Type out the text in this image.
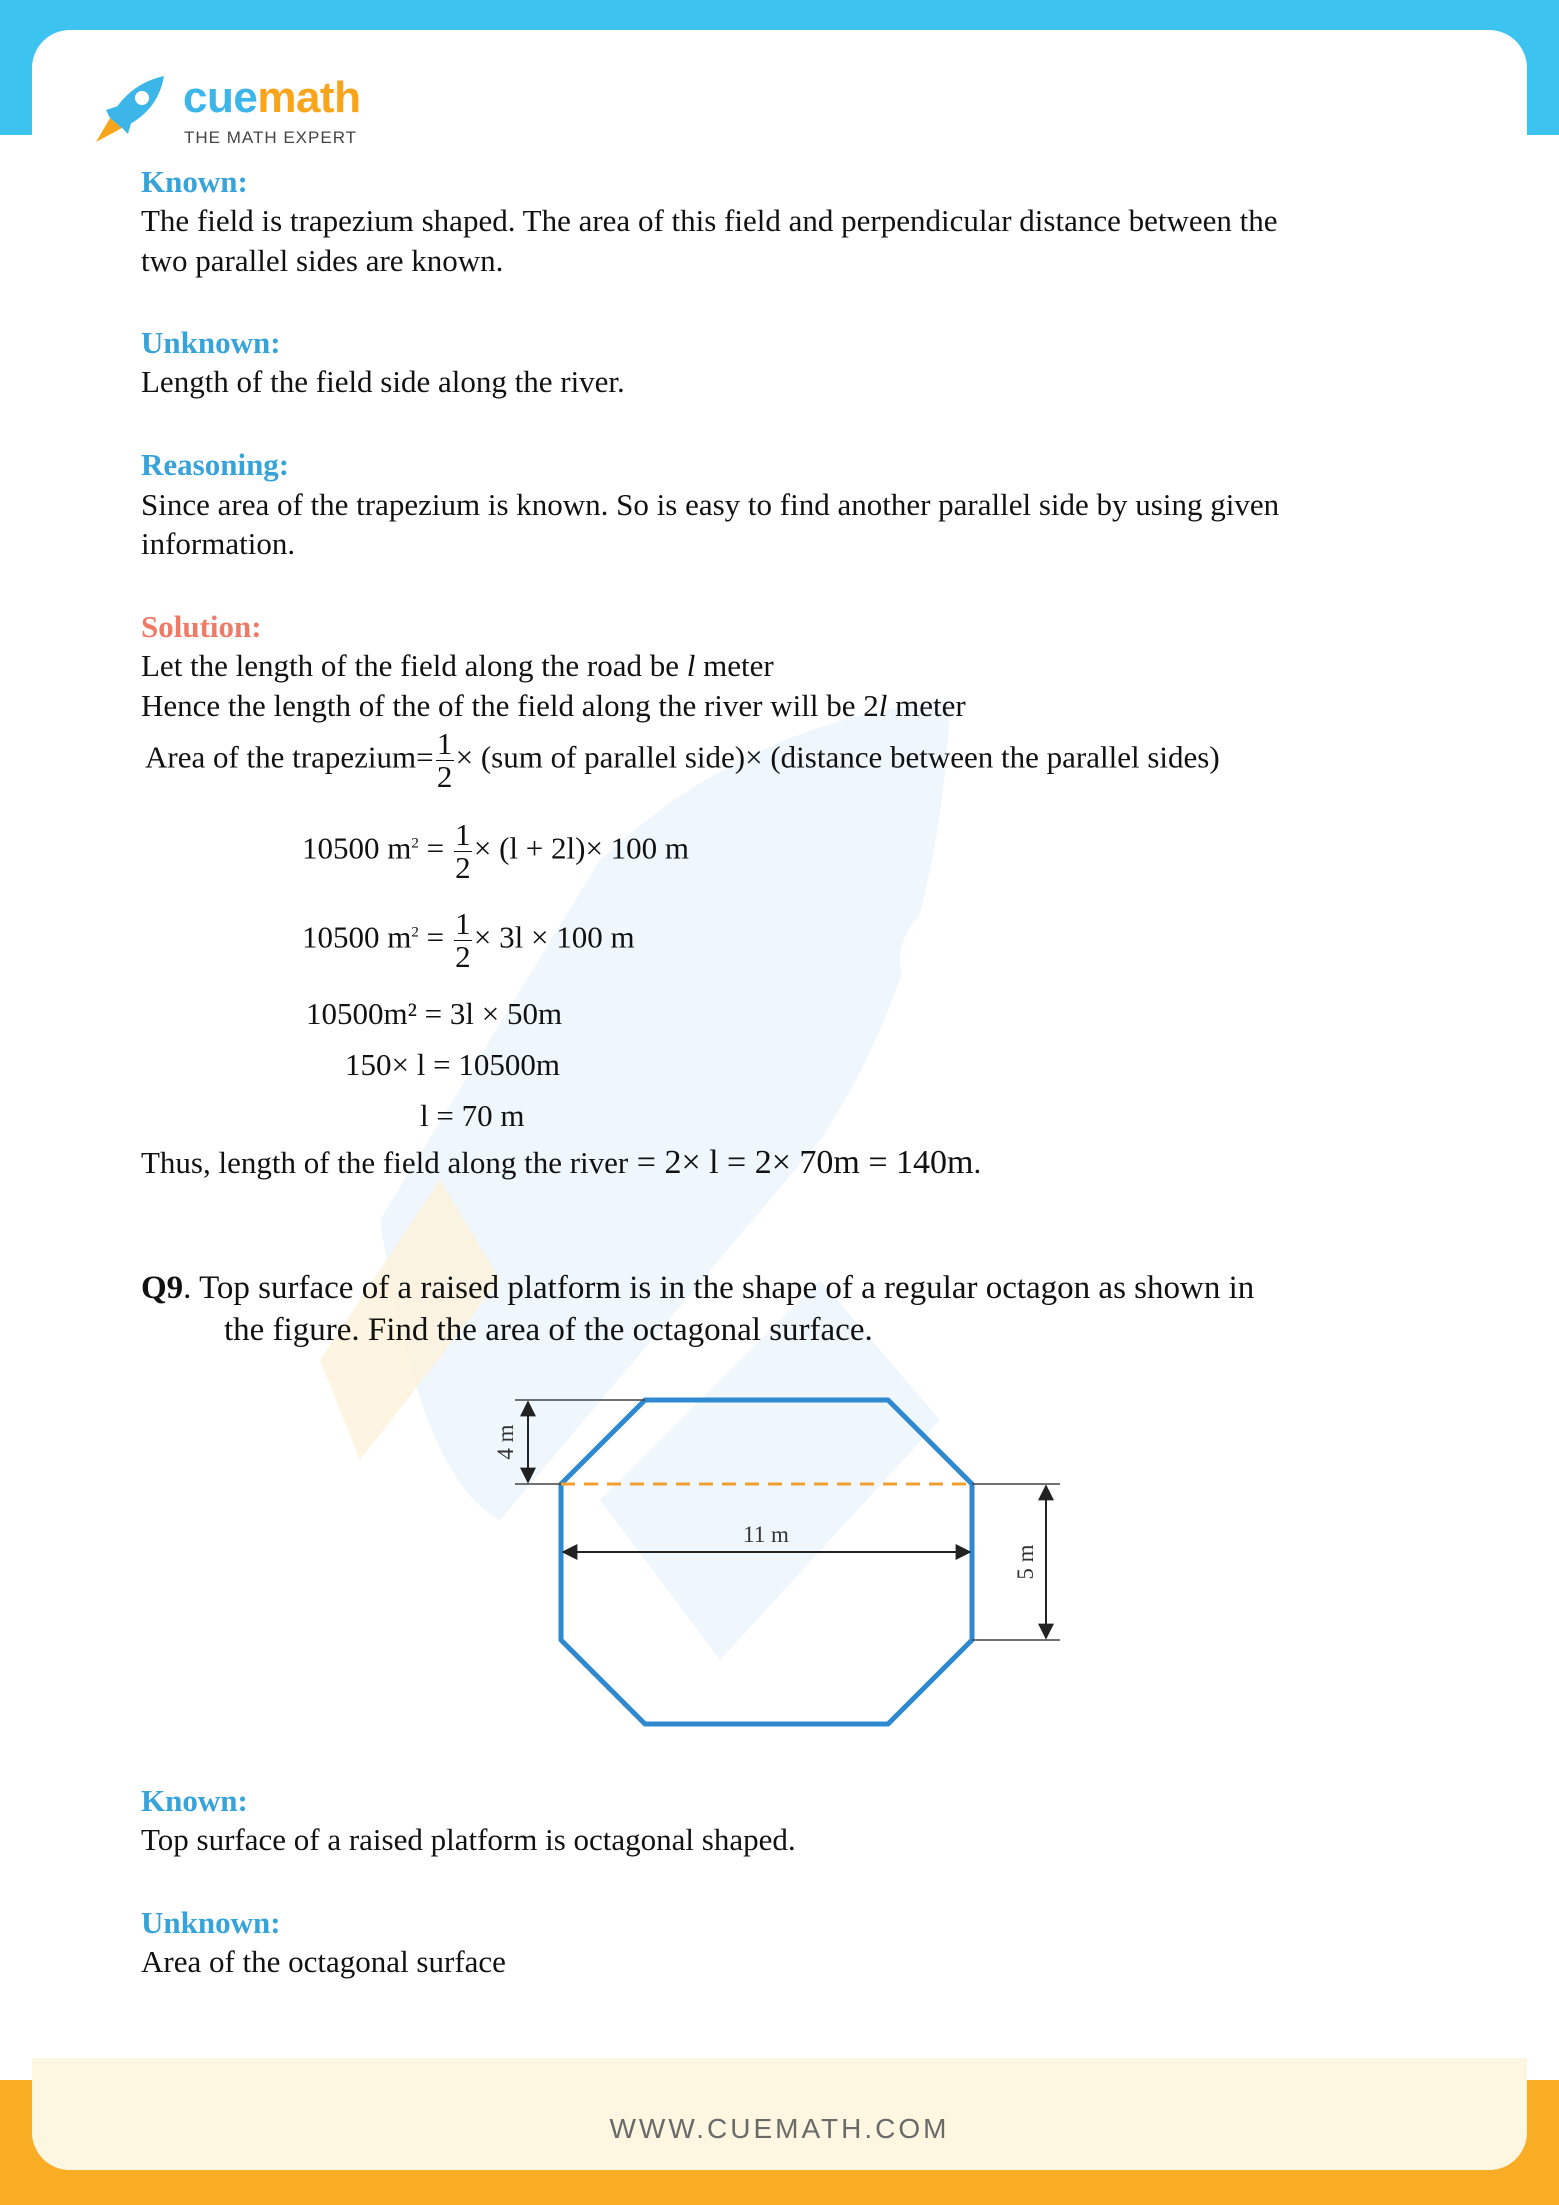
cuemath
THE MATH EXPERT
Known:
The field is trapezium shaped. The area of this field and perpendicular distance between the
two parallel sides are known.
Unknown:
Length of the field side along the river.
Reasoning:
Since area of the trapezium is known. So is easy to find another parallel side by using given
information.
Solution:
Let the length of the field along the road be l meter
Hence the length of the of the field along the river will be 2l meter
Area of the trapezium= $\frac{1}{2} \times (sum$ of parallel side)× (distance between the parallel sides)
10500 $m^2 = \frac{1}{2} \times (l + 2l)\times 100$ m
10500 $m^2 = \frac{1}{2} \times 3l \times 100$ m
10500m² = 3l × 50m
150× l = 10500m
l = 70 m
Thus, length of the field along the river = 2× l = 2× 70m = 140m.
Q9. Top surface of a raised platform is in the shape of a regular octagon as shown in
the figure. Find the area of the octagonal surface.
4 m
11 m
5 m
Known:
Top surface of a raised platform is octagonal shaped.
Unknown:
Area of the octagonal surface
WWW.CUEMATH.COM
